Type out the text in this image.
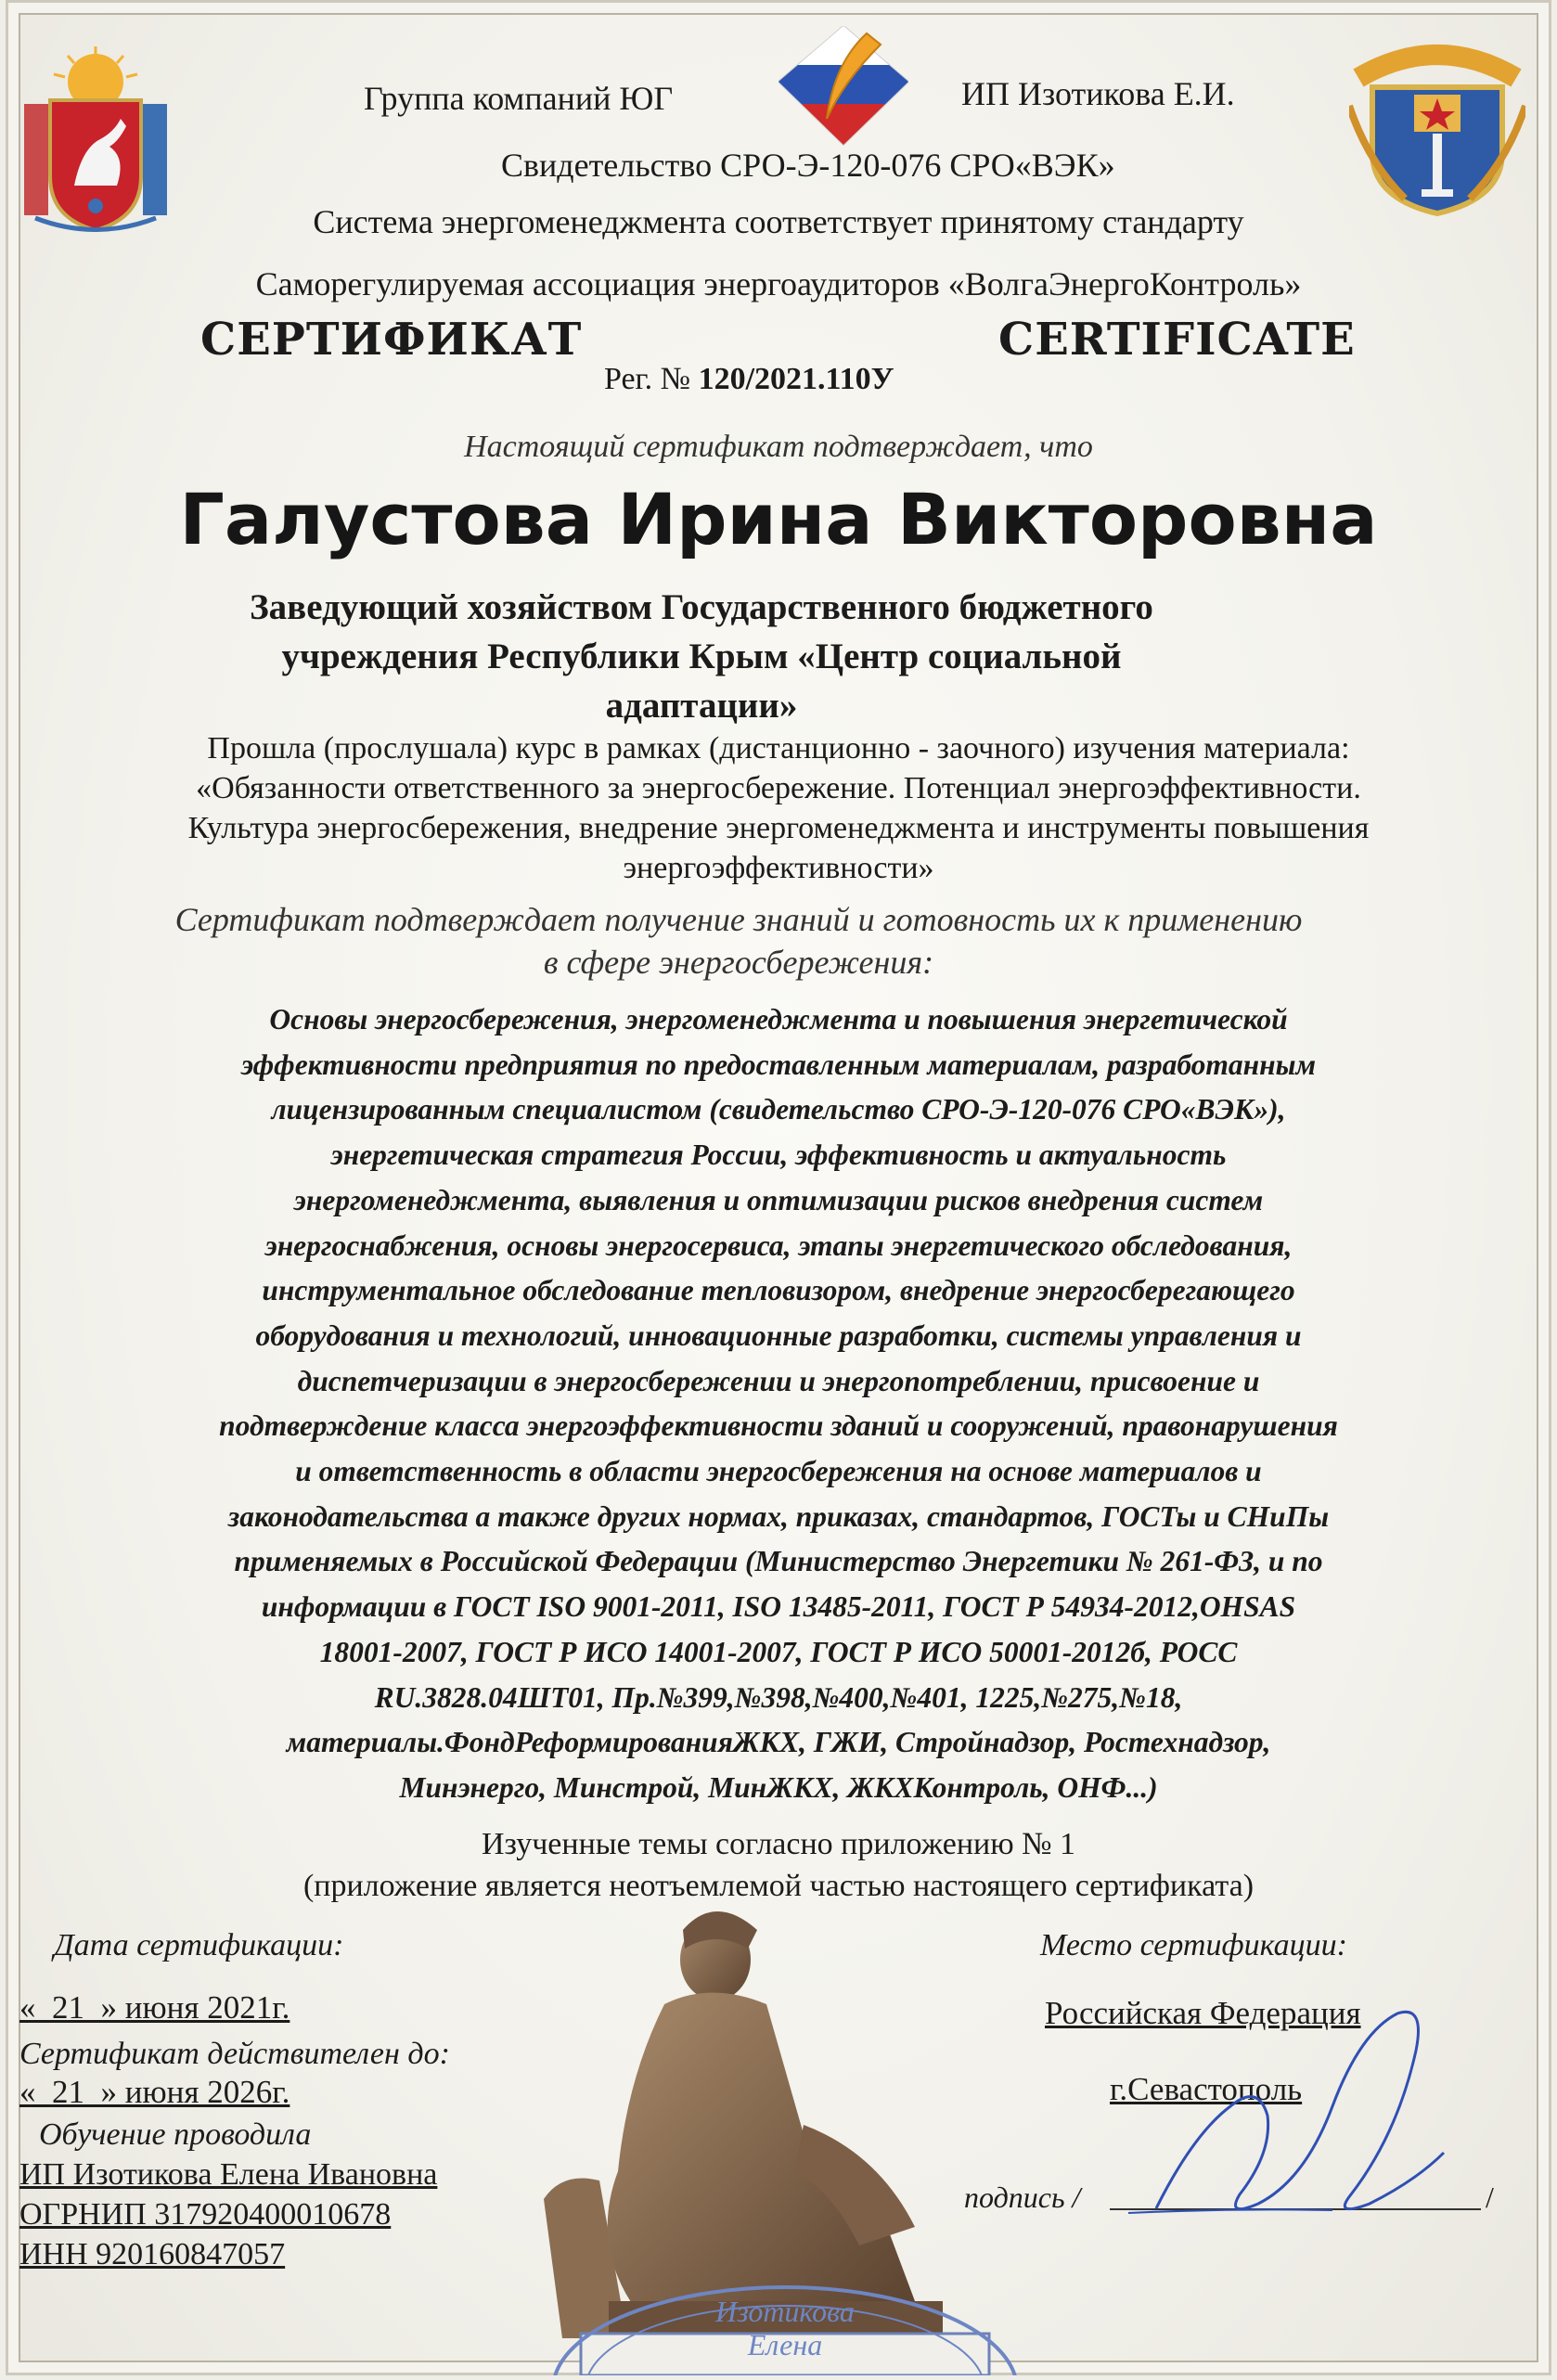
Группа компаний ЮГ	ИП Изотикова Е.И.
Свидетельство СРО-Э-120-076 СРО«ВЭК»
Система энергоменеджмента соответствует принятому стандарту
Саморегулируемая ассоциация энергоаудиторов «ВолгаЭнергоКонтроль»
СЕРТИФИКАТ	CERTIFICATE
Рег. № 120/2021.110У
Настоящий сертификат подтверждает, что
Галустова Ирина Викторовна
Заведующий хозяйством Государственного бюджетного
учреждения Республики Крым «Центр социальной
адаптации»
Прошла (прослушала) курс в рамках (дистанционно - заочного) изучения материала:
«Обязанности ответственного за энергосбережение. Потенциал энергоэффективности.
Культура энергосбережения, внедрение энергоменеджмента и инструменты повышения
энергоэффективности»
Сертификат подтверждает получение знаний и готовность их к применению
в сфере энергосбережения:
Основы энергосбережения, энергоменеджмента и повышения энергетической
эффективности предприятия по предоставленным материалам, разработанным
лицензированным специалистом (свидетельство СРО-Э-120-076 СРО«ВЭК»),
энергетическая стратегия России, эффективность и актуальность
энергоменеджмента, выявления и оптимизации рисков внедрения систем
энергоснабжения, основы энергосервиса, этапы энергетического обследования,
инструментальное обследование тепловизором, внедрение энергосберегающего
оборудования и технологий, инновационные разработки, системы управления и
диспетчеризации в энергосбережении и энергопотреблении, присвоение и
подтверждение класса энергоэффективности зданий и сооружений, правонарушения
и ответственность в области энергосбережения на основе материалов и
законодательства а также других нормах, приказах, стандартов, ГОСТы и СНиПы
применяемых в Российской Федерации (Министерство Энергетики № 261-ФЗ, и по
информации в ГОСТ ISO 9001-2011, ISO 13485-2011, ГОСТ Р 54934-2012,OHSAS
18001-2007, ГОСТ Р ИСО 14001-2007, ГОСТ Р ИСО 50001-2012б, РОСС
RU.3828.04ШТ01, Пр.№399,№398,№400,№401, 1225,№275,№18,
материалы.ФондРеформированияЖКХ, ГЖИ, Стройнадзор, Ростехнадзор,
Минэнерго, Минстрой, МинЖКХ, ЖКХКонтроль, ОНФ...)
Изученные темы согласно приложению № 1
(приложение является неотъемлемой частью настоящего сертификата)
Изотикова
Елена
Дата сертификации:
«_21_» июня 2021г.
Сертификат действителен до:
«_21_» июня 2026г.
Обучение проводила
ИП Изотикова Елена Ивановна
ОГРНИП 317920400010678
ИНН 920160847057
Место сертификации:
Российская Федерация
г.Севастополь
подпись /	/
